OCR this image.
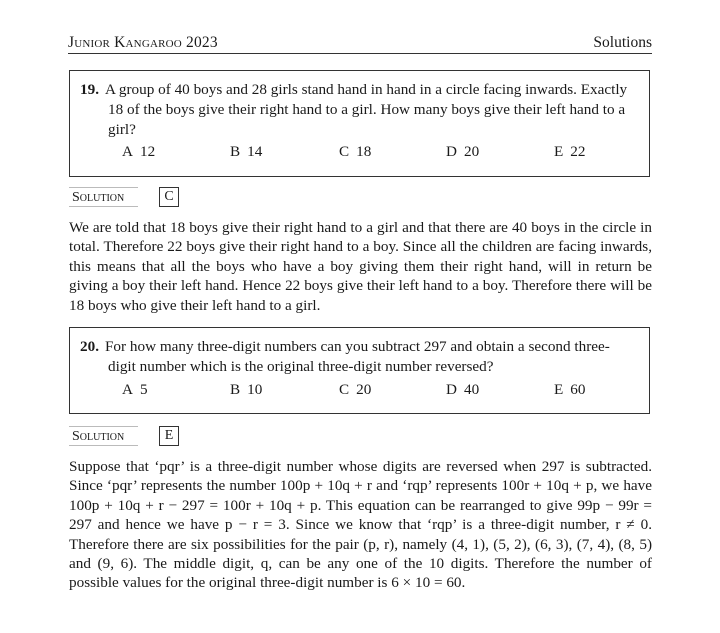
Junior Kangaroo 2023	Solutions
19. A group of 40 boys and 28 girls stand hand in hand in a circle facing inwards. Exactly 18 of the boys give their right hand to a girl. How many boys give their left hand to a girl?
A 12	B 14	C 18	D 20	E 22
Solution	C
We are told that 18 boys give their right hand to a girl and that there are 40 boys in the circle in total. Therefore 22 boys give their right hand to a boy. Since all the children are facing inwards, this means that all the boys who have a boy giving them their right hand, will in return be giving a boy their left hand. Hence 22 boys give their left hand to a boy. Therefore there will be 18 boys who give their left hand to a girl.
20. For how many three-digit numbers can you subtract 297 and obtain a second three-digit number which is the original three-digit number reversed?
A 5	B 10	C 20	D 40	E 60
Solution	E
Suppose that ‘pqr’ is a three-digit number whose digits are reversed when 297 is subtracted. Since ‘pqr’ represents the number 100p + 10q + r and ‘rqp’ represents 100r + 10q + p, we have 100p + 10q + r − 297 = 100r + 10q + p. This equation can be rearranged to give 99p − 99r = 297 and hence we have p − r = 3. Since we know that ‘rqp’ is a three-digit number, r ≠ 0. Therefore there are six possibilities for the pair (p, r), namely (4, 1), (5, 2), (6, 3), (7, 4), (8, 5) and (9, 6). The middle digit, q, can be any one of the 10 digits. Therefore the number of possible values for the original three-digit number is 6 × 10 = 60.
